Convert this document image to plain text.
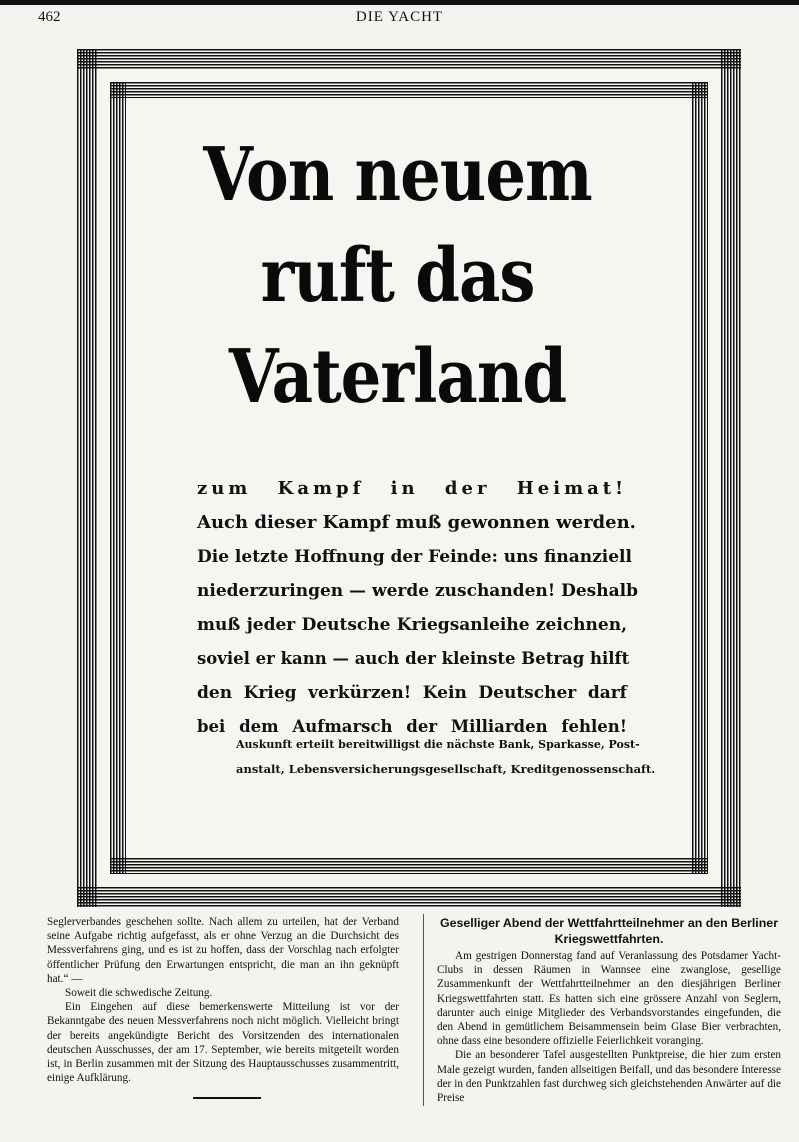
462	DIE YACHT
Von neuem
ruft das
Vaterland
zum Kampf in der Heimat!
Auch dieser Kampf muß gewonnen werden.
Die letzte Hoffnung der Feinde: uns finanziell
niederzuringen — werde zuschanden! Deshalb
muß jeder Deutsche Kriegsanleihe zeichnen,
soviel er kann — auch der kleinste Betrag hilft
den Krieg verkürzen! Kein Deutscher darf
bei dem Aufmarsch der Milliarden fehlen!
Auskunft erteilt bereitwilligst die nächste Bank, Sparkasse, Post-
anstalt, Lebensversicherungsgesellschaft, Kreditgenossenschaft.

Seglerverbandes geschehen sollte. Nach allem zu urteilen, hat der Verband seine Aufgabe richtig aufgefasst, als er ohne Verzug an die Durchsicht des Messverfahrens ging, und es ist zu hoffen, dass der Vorschlag nach erfolgter öffentlicher Prüfung den Erwartungen entspricht, die man an ihn geknüpft hat.“ —

Soweit die schwedische Zeitung.

Ein Eingehen auf diese bemerkenswerte Mitteilung ist vor der Bekanntgabe des neuen Messverfahrens noch nicht möglich. Vielleicht bringt der bereits angekündigte Bericht des Vorsitzenden des internationalen deutschen Ausschusses, der am 17. September, wie bereits mitgeteilt worden ist, in Berlin zusammen mit der Sitzung des Hauptausschusses zusammentritt, einige Aufklärung.

Geselliger Abend der Wettfahrtteilnehmer an den Berliner Kriegswettfahrten.

Am gestrigen Donnerstag fand auf Veranlassung des Potsdamer Yacht-Clubs in dessen Räumen in Wannsee eine zwanglose, gesellige Zusammenkunft der Wettfahrtteilnehmer an den diesjährigen Berliner Kriegswettfahrten statt. Es hatten sich eine grössere Anzahl von Seglern, darunter auch einige Mitglieder des Verbandsvorstandes eingefunden, die den Abend in gemütlichem Beisammensein beim Glase Bier verbrachten, ohne dass eine besondere offizielle Feierlichkeit voranging.

Die an besonderer Tafel ausgestellten Punktpreise, die hier zum ersten Male gezeigt wurden, fanden allseitigen Beifall, und das besondere Interesse der in den Punktzahlen fast durchweg sich gleichstehenden Anwärter auf die Preise
